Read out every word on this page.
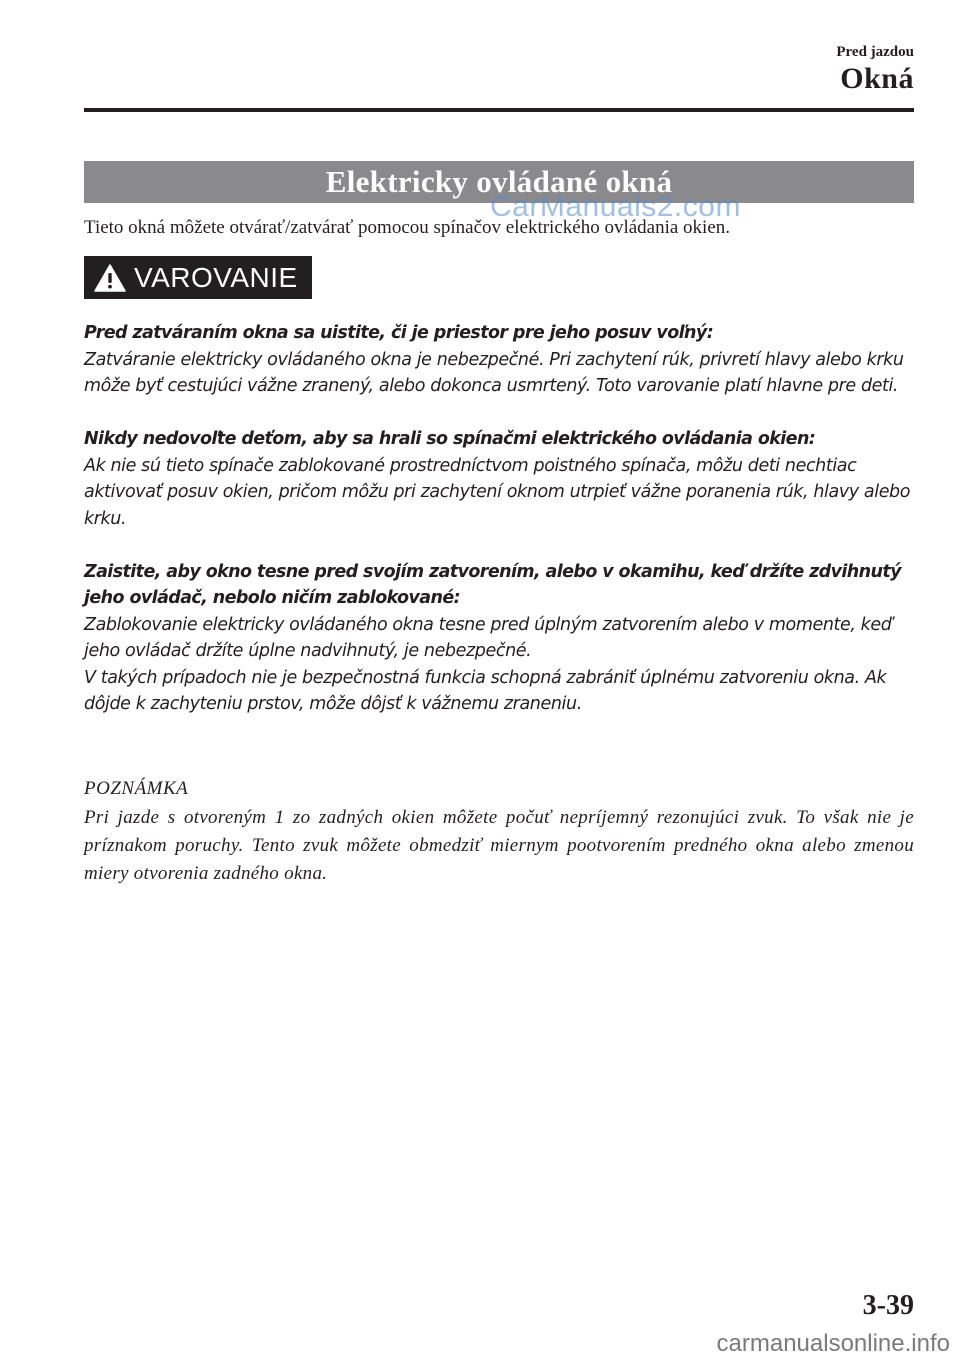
Pred jazdou
Okná
Elektricky ovládané okná
CarManuals2.com
Tieto okná môžete otvárať/zatvárať pomocou spínačov elektrického ovládania okien.
VAROVANIE
Pred zatváraním okna sa uistite, či je priestor pre jeho posuv voľný:
Zatváranie elektricky ovládaného okna je nebezpečné. Pri zachytení rúk, privretí hlavy alebo krku môže byť cestujúci vážne zranený, alebo dokonca usmrtený. Toto varovanie platí hlavne pre deti.
Nikdy nedovoľte deťom, aby sa hrali so spínačmi elektrického ovládania okien:
Ak nie sú tieto spínače zablokované prostredníctvom poistného spínača, môžu deti nechtiac aktivovať posuv okien, pričom môžu pri zachytení oknom utrpieť vážne poranenia rúk, hlavy alebo krku.
Zaistite, aby okno tesne pred svojím zatvorením, alebo v okamihu, keď držíte zdvihnutý jeho ovládač, nebolo ničím zablokované:
Zablokovanie elektricky ovládaného okna tesne pred úplným zatvorením alebo v momente, keď jeho ovládač držíte úplne nadvihnutý, je nebezpečné.
V takých prípadoch nie je bezpečnostná funkcia schopná zabrániť úplnému zatvoreniu okna. Ak dôjde k zachyteniu prstov, môže dôjsť k vážnemu zraneniu.
POZNÁMKA
Pri jazde s otvoreným 1 zo zadných okien môžete počuť nepríjemný rezonujúci zvuk. To však nie je príznakom poruchy. Tento zvuk môžete obmedziť miernym pootvorením predného okna alebo zmenou miery otvorenia zadného okna.
3-39
carmanualsonline.info
